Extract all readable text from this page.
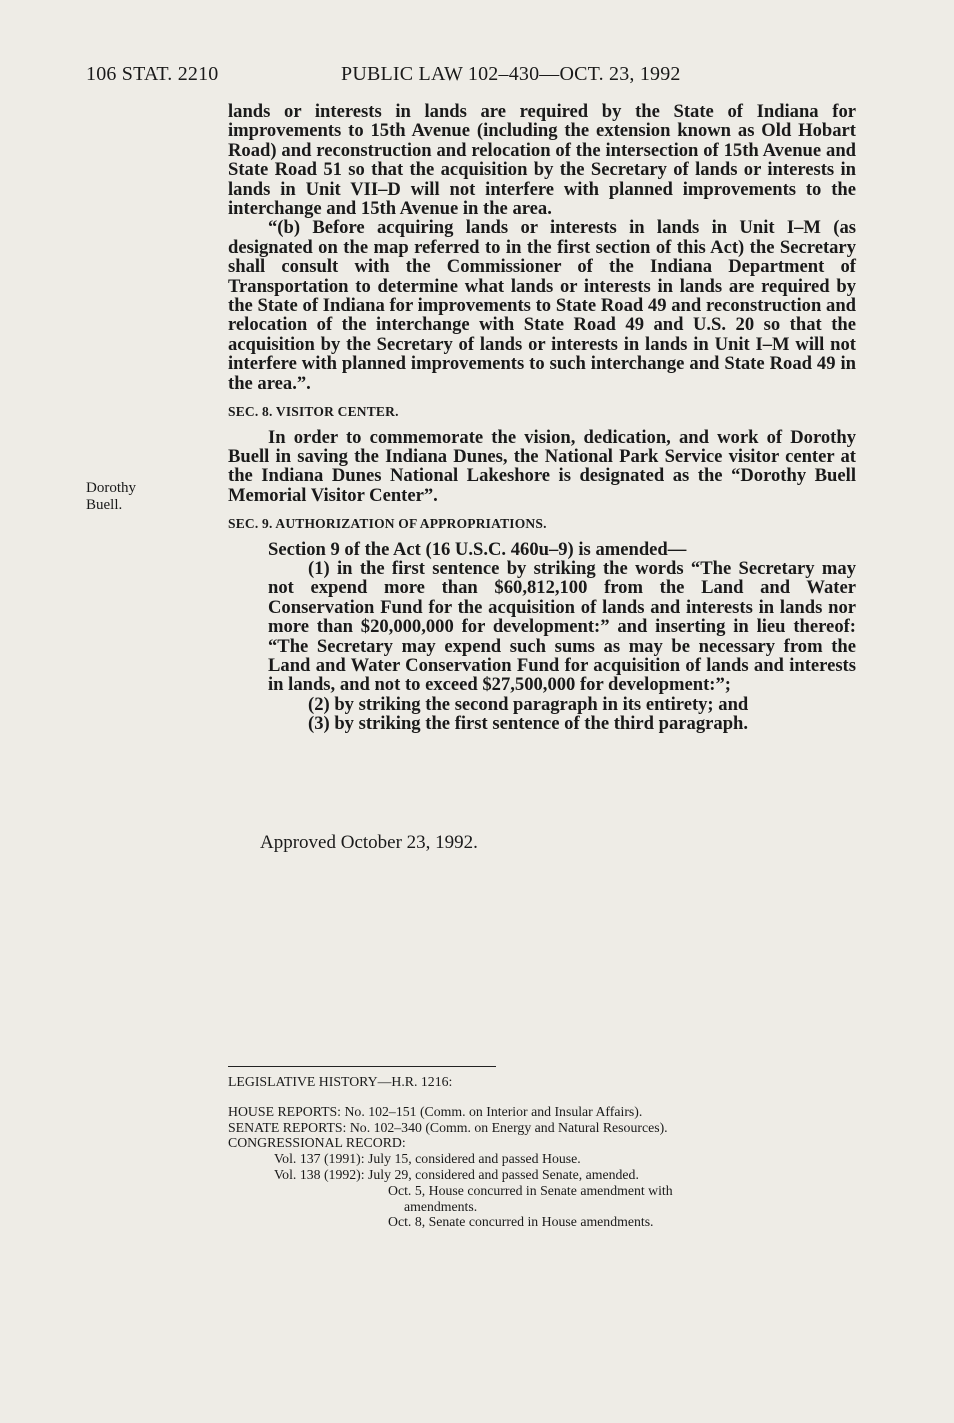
106 STAT. 2210	PUBLIC LAW 102–430—OCT. 23, 1992
Dorothy
Buell.

lands or interests in lands are required by the State of Indiana for improvements to 15th Avenue (including the extension known as Old Hobart Road) and reconstruction and relocation of the intersection of 15th Avenue and State Road 51 so that the acquisition by the Secretary of lands or interests in lands in Unit VII–D will not interfere with planned improvements to the interchange and 15th Avenue in the area.

“(b) Before acquiring lands or interests in lands in Unit I–M (as designated on the map referred to in the first section of this Act) the Secretary shall consult with the Commissioner of the Indiana Department of Transportation to determine what lands or interests in lands are required by the State of Indiana for improvements to State Road 49 and reconstruction and relocation of the interchange with State Road 49 and U.S. 20 so that the acquisition by the Secretary of lands or interests in lands in Unit I–M will not interfere with planned improvements to such interchange and State Road 49 in the area.”.

SEC. 8. VISITOR CENTER.

In order to commemorate the vision, dedication, and work of Dorothy Buell in saving the Indiana Dunes, the National Park Service visitor center at the Indiana Dunes National Lakeshore is designated as the “Dorothy Buell Memorial Visitor Center”.

SEC. 9. AUTHORIZATION OF APPROPRIATIONS.

Section 9 of the Act (16 U.S.C. 460u–9) is amended—

(1) in the first sentence by striking the words “The Secretary may not expend more than $60,812,100 from the Land and Water Conservation Fund for the acquisition of lands and interests in lands nor more than $20,000,000 for development:” and inserting in lieu thereof: “The Secretary may expend such sums as may be necessary from the Land and Water Conservation Fund for acquisition of lands and interests in lands, and not to exceed $27,500,000 for development:”;

(2) by striking the second paragraph in its entirety; and

(3) by striking the first sentence of the third paragraph.

Approved October 23, 1992.
LEGISLATIVE HISTORY—H.R. 1216:
HOUSE REPORTS: No. 102–151 (Comm. on Interior and Insular Affairs).
SENATE REPORTS: No. 102–340 (Comm. on Energy and Natural Resources).
CONGRESSIONAL RECORD:
Vol. 137 (1991): July 15, considered and passed House.
Vol. 138 (1992): July 29, considered and passed Senate, amended.
Oct. 5, House concurred in Senate amendment with
amendments.
Oct. 8, Senate concurred in House amendments.
